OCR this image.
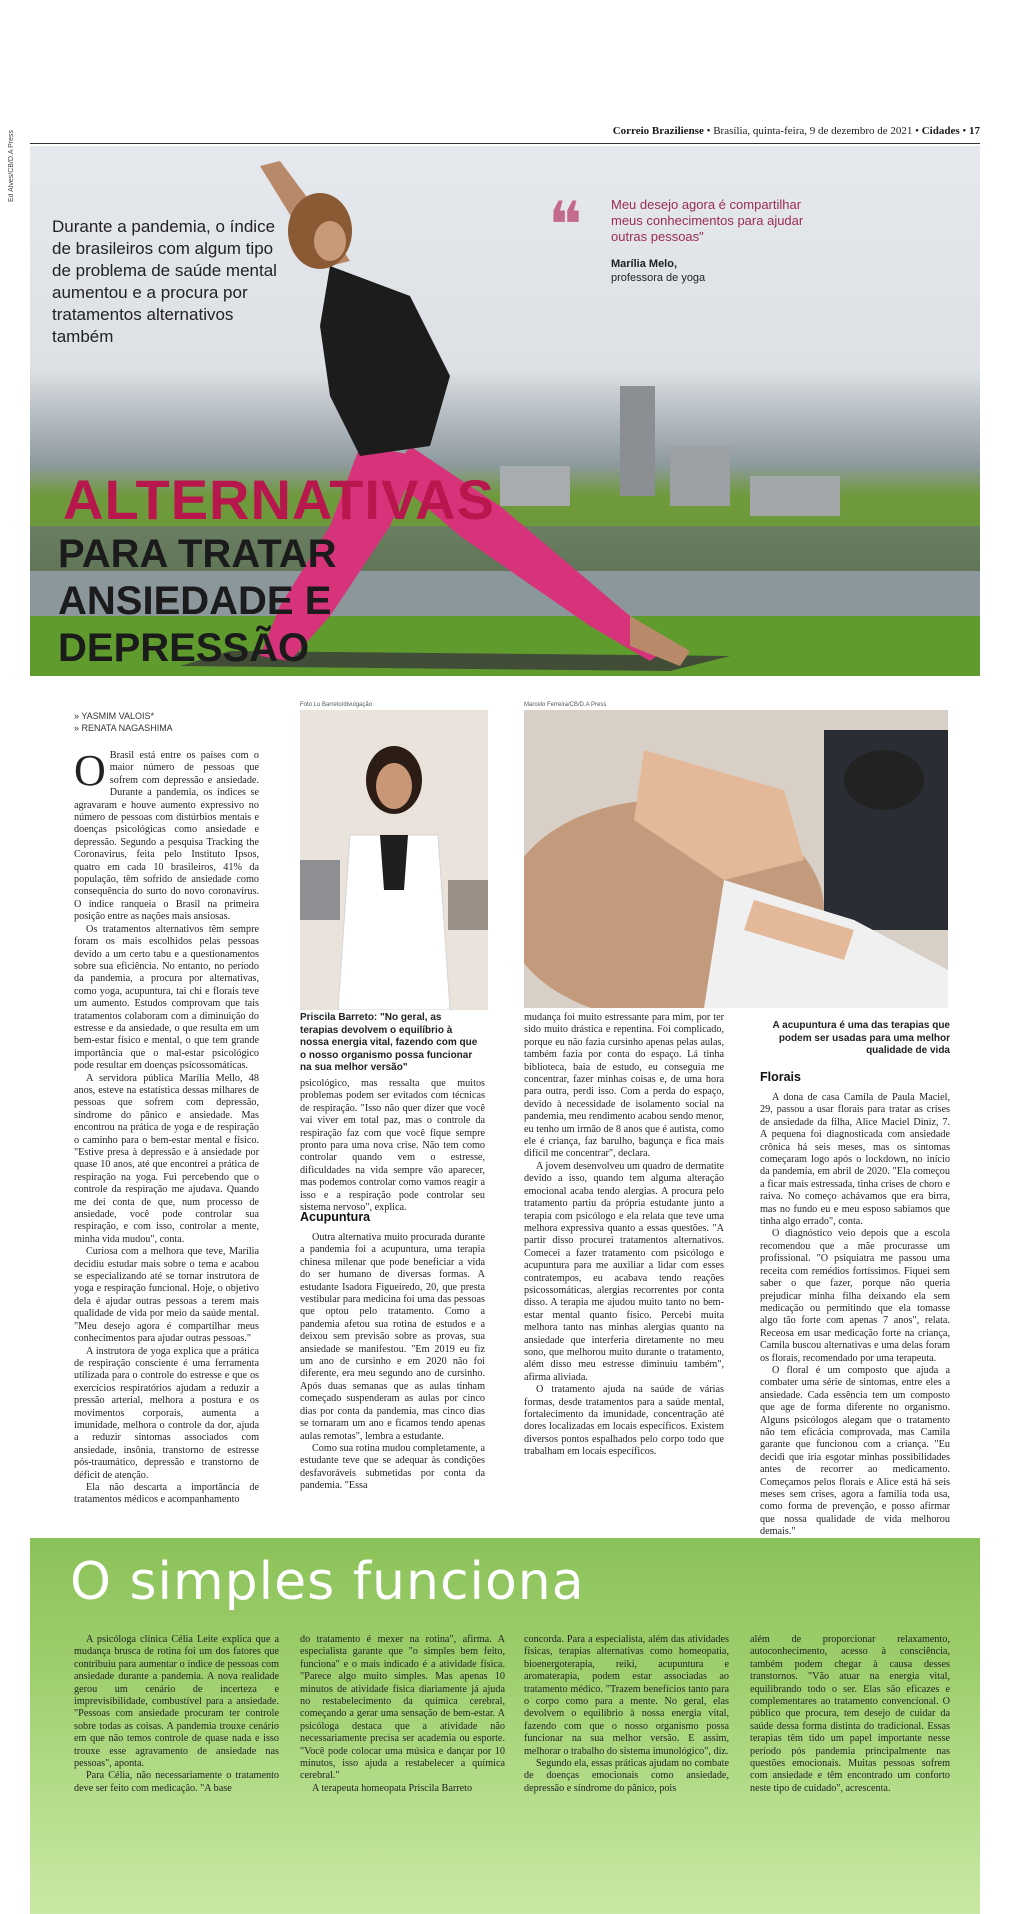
Correio Braziliense • Brasília, quinta-feira, 9 de dezembro de 2021 • Cidades • 17
Ed Alves/CB/D.A Press
Durante a pandemia, o índice de brasileiros com algum tipo de problema de saúde mental aumentou e a procura por tratamentos alternativos também
❝ Meu desejo agora é compartilhar meus conhecimentos para ajudar outras pessoas"
Marília Melo,
professora de yoga
ALTERNATIVAS
PARA TRATAR ANSIEDADE E DEPRESSÃO
» YASMIM VALOIS*
» RENATA NAGASHIMA

O Brasil está entre os países com o maior número de pessoas que sofrem com depressão e ansiedade. Durante a pandemia, os índices se agravaram e houve aumento expressivo no número de pessoas com distúrbios mentais e doenças psicológicas como ansiedade e depressão. Segundo a pesquisa Tracking the Coronavirus, feita pelo Instituto Ipsos, quatro em cada 10 brasileiros, 41% da população, têm sofrido de ansiedade como consequência do surto do novo coronavírus. O índice ranqueia o Brasil na primeira posição entre as nações mais ansiosas.

Os tratamentos alternativos têm sempre foram os mais escolhidos pelas pessoas devido a um certo tabu e a questionamentos sobre sua eficiência. No entanto, no período da pandemia, a procura por alternativas, como yoga, acupuntura, tai chi e florais teve um aumento. Estudos comprovam que tais tratamentos colaboram com a diminuição do estresse e da ansiedade, o que resulta em um bem-estar físico e mental, o que tem grande importância que o mal-estar psicológico pode resultar em doenças psicossomáticas.

A servidora pública Marília Mello, 48 anos, esteve na estatística dessas milhares de pessoas que sofrem com depressão, síndrome do pânico e ansiedade. Mas encontrou na prática de yoga e de respiração o caminho para o bem-estar mental e físico. "Estive presa à depressão e à ansiedade por quase 10 anos, até que encontrei a prática de respiração na yoga. Fui percebendo que o controle da respiração me ajudava. Quando me dei conta de que, num processo de ansiedade, você pode controlar sua respiração, e com isso, controlar a mente, minha vida mudou", conta.

Curiosa com a melhora que teve, Marília decidiu estudar mais sobre o tema e acabou se especializando até se tornar instrutora de yoga e respiração funcional. Hoje, o objetivo dela é ajudar outras pessoas a terem mais qualidade de vida por meio da saúde mental. "Meu desejo agora é compartilhar meus conhecimentos para ajudar outras pessoas."

A instrutora de yoga explica que a prática de respiração consciente é uma ferramenta utilizada para o controle do estresse e que os exercícios respiratórios ajudam a reduzir a pressão arterial, melhora a postura e os movimentos corporais, aumenta a imunidade, melhora o controle da dor, ajuda a reduzir sintomas associados com ansiedade, insônia, transtorno de estresse pós-traumático, depressão e transtorno de déficit de atenção.

Ela não descarta a importância de tratamentos médicos e acompanhamento

Foto Lu Barreto/divulgação
Priscila Barreto: "No geral, as terapias devolvem o equilíbrio à nossa energia vital, fazendo com que o nosso organismo possa funcionar na sua melhor versão"
Marcelo Ferreira/CB/D.A Press
A acupuntura é uma das terapias que podem ser usadas para uma melhor qualidade de vida

psicológico, mas ressalta que muitos problemas podem ser evitados com técnicas de respiração. "Isso não quer dizer que você vai viver em total paz, mas o controle da respiração faz com que você fique sempre pronto para uma nova crise. Não tem como controlar quando vem o estresse, dificuldades na vida sempre vão aparecer, mas podemos controlar como vamos reagir a isso e a respiração pode controlar seu sistema nervoso", explica.

Acupuntura

Outra alternativa muito procurada durante a pandemia foi a acupuntura, uma terapia chinesa milenar que pode beneficiar a vida do ser humano de diversas formas. A estudante Isadora Figueiredo, 20, que presta vestibular para medicina foi uma das pessoas que optou pelo tratamento. Como a pandemia afetou sua rotina de estudos e a deixou sem previsão sobre as provas, sua ansiedade se manifestou. "Em 2019 eu fiz um ano de cursinho e em 2020 não foi diferente, era meu segundo ano de cursinho. Após duas semanas que as aulas tinham começado suspenderam as aulas por cinco dias por conta da pandemia, mas cinco dias se tornaram um ano e ficamos tendo apenas aulas remotas", lembra a estudante.

Como sua rotina mudou completamente, a estudante teve que se adequar às condições desfavoráveis submetidas por conta da pandemia. "Essa

mudança foi muito estressante para mim, por ter sido muito drástica e repentina. Foi complicado, porque eu não fazia cursinho apenas pelas aulas, também fazia por conta do espaço. Lá tinha biblioteca, baia de estudo, eu conseguia me concentrar, fazer minhas coisas e, de uma hora para outra, perdi isso. Com a perda do espaço, devido à necessidade de isolamento social na pandemia, meu rendimento acabou sendo menor, eu tenho um irmão de 8 anos que é autista, como ele é criança, faz barulho, bagunça e fica mais difícil me concentrar", declara.

A jovem desenvolveu um quadro de dermatite devido a isso, quando tem alguma alteração emocional acaba tendo alergias. A procura pelo tratamento partiu da própria estudante junto a terapia com psicólogo e ela relata que teve uma melhora expressiva quanto a essas questões. "A partir disso procurei tratamentos alternativos. Comecei a fazer tratamento com psicólogo e acupuntura para me auxiliar a lidar com esses contratempos, eu acabava tendo reações psicossomáticas, alergias recorrentes por conta disso. A terapia me ajudou muito tanto no bem-estar mental quanto físico. Percebi muita melhora tanto nas minhas alergias quanto na ansiedade que interferia diretamente no meu sono, que melhorou muito durante o tratamento, além disso meu estresse diminuiu também", afirma aliviada.

O tratamento ajuda na saúde de várias formas, desde tratamentos para a saúde mental, fortalecimento da imunidade, concentração até dores localizadas em locais específicos. Existem diversos pontos espalhados pelo corpo todo que trabalham em locais específicos.

Florais

A dona de casa Camila de Paula Maciel, 29, passou a usar florais para tratar as crises de ansiedade da filha, Alice Maciel Diniz, 7. A pequena foi diagnosticada com ansiedade crônica há seis meses, mas os sintomas começaram logo após o lockdown, no início da pandemia, em abril de 2020. "Ela começou a ficar mais estressada, tinha crises de choro e raiva. No começo achávamos que era birra, mas no fundo eu e meu esposo sabíamos que tinha algo errado", conta.

O diagnóstico veio depois que a escola recomendou que a mãe procurasse um profissional. "O psiquiatra me passou uma receita com remédios fortíssimos. Fiquei sem saber o que fazer, porque não queria prejudicar minha filha deixando ela sem medicação ou permitindo que ela tomasse algo tão forte com apenas 7 anos", relata. Receosa em usar medicação forte na criança, Camila buscou alternativas e uma delas foram os florais, recomendado por uma terapeuta.

O floral é um composto que ajuda a combater uma série de sintomas, entre eles a ansiedade. Cada essência tem um composto que age de forma diferente no organismo. Alguns psicólogos alegam que o tratamento não tem eficácia comprovada, mas Camila garante que funcionou com a criança. "Eu decidi que iria esgotar minhas possibilidades antes de recorrer ao medicamento. Começamos pelos florais e Alice está há seis meses sem crises, agora a família toda usa, como forma de prevenção, e posso afirmar que nossa qualidade de vida melhorou demais."

O simples funciona

A psicóloga clínica Célia Leite explica que a mudança brusca de rotina foi um dos fatores que contribuiu para aumentar o índice de pessoas com ansiedade durante a pandemia. A nova realidade gerou um cenário de incerteza e imprevisibilidade, combustível para a ansiedade. "Pessoas com ansiedade procuram ter controle sobre todas as coisas. A pandemia trouxe cenário em que não temos controle de quase nada e isso trouxe esse agravamento de ansiedade nas pessoas", aponta.

Para Célia, não necessariamente o tratamento deve ser feito com medicação. "A base

do tratamento é mexer na rotina", afirma. A especialista garante que "o simples bem feito, funciona" e o mais indicado é a atividade física. "Parece algo muito simples. Mas apenas 10 minutos de atividade física diariamente já ajuda no restabelecimento da química cerebral, começando a gerar uma sensação de bem-estar. A psicóloga destaca que a atividade não necessariamente precisa ser academia ou esporte. "Você pode colocar uma música e dançar por 10 minutos, isso ajuda a restabelecer a química cerebral."

A terapeuta homeopata Priscila Barreto

concorda. Para a especialista, além das atividades físicas, terapias alternativas como homeopatia, bioenergoterapia, reiki, acupuntura e aromaterapia, podem estar associadas ao tratamento médico. "Trazem benefícios tanto para o corpo como para a mente. No geral, elas devolvem o equilíbrio à nossa energia vital, fazendo com que o nosso organismo possa funcionar na sua melhor versão. E assim, melhorar o trabalho do sistema imunológico", diz.

Segundo ela, essas práticas ajudam no combate de doenças emocionais como ansiedade, depressão e síndrome do pânico, pois

além de proporcionar relaxamento, autoconhecimento, acesso à consciência, também podem chegar à causa desses transtornos. "Vão atuar na energia vital, equilibrando todo o ser. Elas são eficazes e complementares ao tratamento convencional. O público que procura, tem desejo de cuidar da saúde dessa forma distinta do tradicional. Essas terapias têm tido um papel importante nesse período pós pandemia principalmente nas questões emocionais. Muitas pessoas sofrem com ansiedade e têm encontrado um conforto neste tipo de cuidado", acrescenta.
